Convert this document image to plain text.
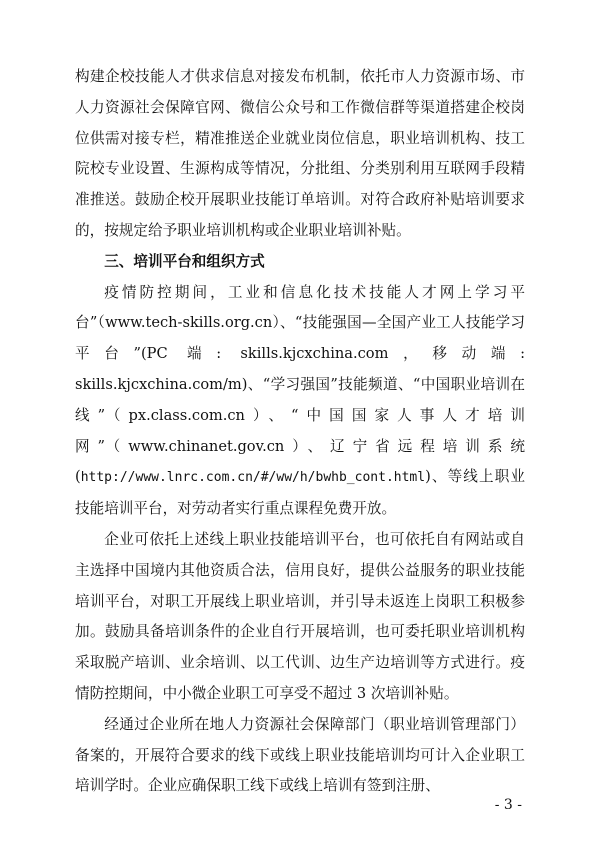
构建企校技能人才供求信息对接发布机制，依托市人力资源市场、市人力资源社会保障官网、微信公众号和工作微信群等渠道搭建企校岗位供需对接专栏，精准推送企业就业岗位信息，职业培训机构、技工院校专业设置、生源构成等情况，分批组、分类别利用互联网手段精准推送。鼓励企校开展职业技能订单培训。对符合政府补贴培训要求的，按规定给予职业培训机构或企业职业培训补贴。

三、培训平台和组织方式

疫情防控期间，工业和信息化技术技能人才网上学习平台”（www.tech-skills.org.cn）、“技能强国—全国产业工人技能学习平台”(PC 端: skills.kjcxchina.com，移动端: skills.kjcxchina.com/m)、“学习强国”技能频道、“中国职业培训在线”（px.class.com.cn）、“中国国家人事人才培训网”（www.chinanet.gov.cn）、辽宁省远程培训系统(http://www.lnrc.com.cn/#/ww/h/bwhb_cont.html)、等线上职业技能培训平台，对劳动者实行重点课程免费开放。

企业可依托上述线上职业技能培训平台，也可依托自有网站或自主选择中国境内其他资质合法，信用良好，提供公益服务的职业技能培训平台，对职工开展线上职业培训，并引导未返连上岗职工积极参加。鼓励具备培训条件的企业自行开展培训，也可委托职业培训机构采取脱产培训、业余培训、以工代训、边生产边培训等方式进行。疫情防控期间，中小微企业职工可享受不超过 3 次培训补贴。

经通过企业所在地人力资源社会保障部门（职业培训管理部门）备案的，开展符合要求的线下或线上职业技能培训均可计入企业职工培训学时。企业应确保职工线下或线上培训有签到注册、

- 3 -
